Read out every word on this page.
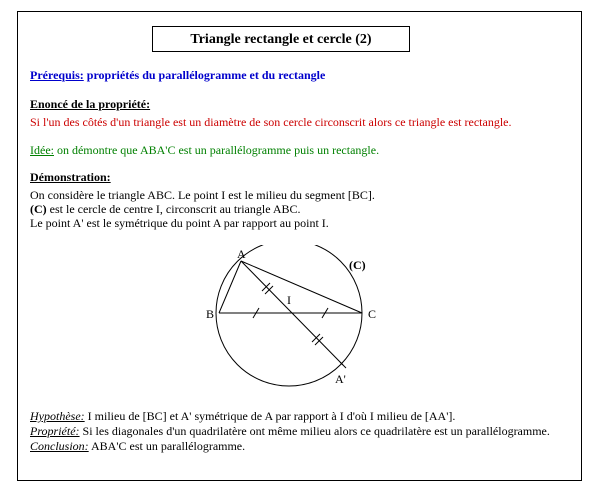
Triangle rectangle et cercle (2)
Prérequis: propriétés du parallélogramme et du rectangle
Enoncé de la propriété:
Si l'un des côtés d'un triangle est un diamètre de son cercle circonscrit alors ce triangle est rectangle.
Idée: on démontre que ABA'C est un parallélogramme puis un rectangle.
Démonstration:
On considère le triangle ABC. Le point I est le milieu du segment [BC].
(C) est le cercle de centre I, circonscrit au triangle ABC.
Le point A' est le symétrique du point A par rapport au point I.
A
B	C
I
A'
(C)
Hypothèse: I milieu de [BC] et A' symétrique de A par rapport à I d'où I milieu de [AA'].
Propriété: Si les diagonales d'un quadrilatère ont même milieu alors ce quadrilatère est un parallélogramme.
Conclusion: ABA'C est un parallélogramme.
